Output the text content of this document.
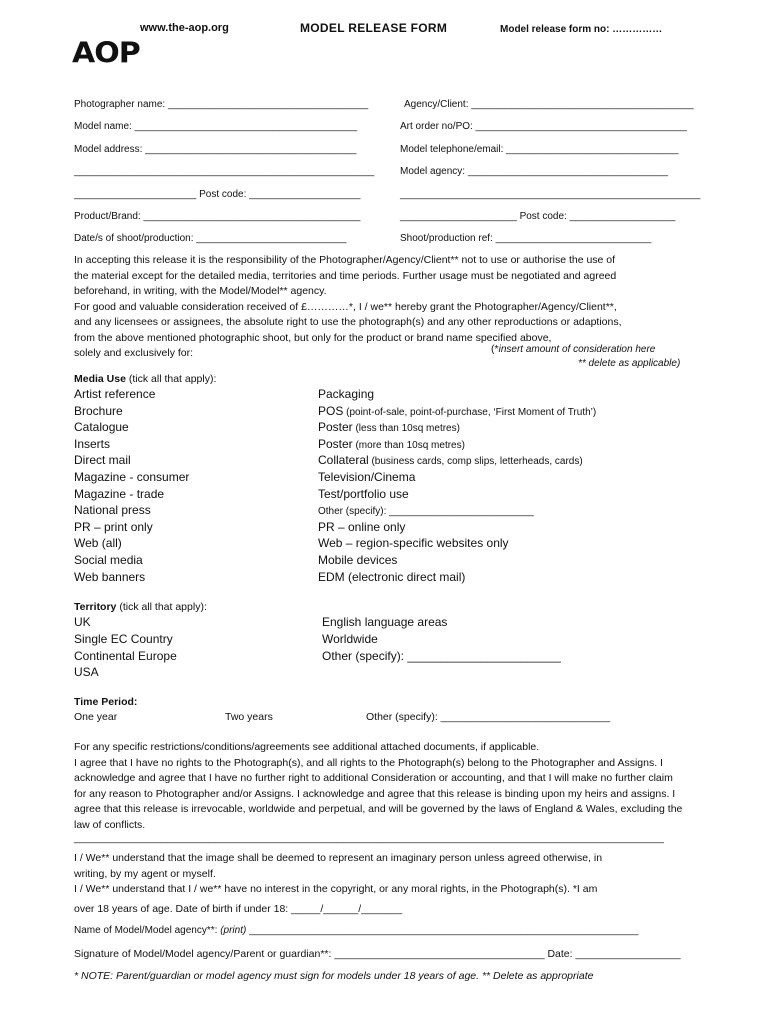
www.the-aop.org	MODEL RELEASE FORM	Model release form no: ……………
AOP
Photographer name: ____________________________________	Agency/Client: ________________________________________
Model name: ________________________________________	Art order no/PO: ______________________________________
Model address: ______________________________________	Model telephone/email: _______________________________
______________________________________________________	Model agency: ____________________________________
______________________ Post code: ____________________	______________________________________________________
Product/Brand: _______________________________________	_____________________ Post code: ___________________
Date/s of shoot/production: ___________________________	Shoot/production ref: ____________________________
In accepting this release it is the responsibility of the Photographer/Agency/Client** not to use or authorise the use of
the material except for the detailed media, territories and time periods. Further usage must be negotiated and agreed
beforehand, in writing, with the Model/Model** agency.
For good and valuable consideration received of £…………*, I / we** hereby grant the Photographer/Agency/Client**,
and any licensees or assignees, the absolute right to use the photograph(s) and any other reproductions or adaptions,
from the above mentioned photographic shoot, but only for the product or brand name specified above,
solely and exclusively for:	(*insert amount of consideration here
** delete as applicable)
Media Use (tick all that apply):
Artist reference
Brochure
Catalogue
Inserts
Direct mail
Magazine - consumer
Magazine - trade
National press
PR – print only
Web (all)
Social media
Web banners
Packaging
POS (point-of-sale, point-of-purchase, ‘First Moment of Truth’)
Poster (less than 10sq metres)
Poster (more than 10sq metres)
Collateral (business cards, comp slips, letterheads, cards)
Television/Cinema
Test/portfolio use
Other (specify): __________________________
PR – online only
Web – region-specific websites only
Mobile devices
EDM (electronic direct mail)
Territory (tick all that apply):
UK
Single EC Country
Continental Europe
USA
English language areas
Worldwide
Other (specify): _______________________
Time Period:
One year	Two years	Other (specify): _____________________________
For any specific restrictions/conditions/agreements see additional attached documents, if applicable.
I agree that I have no rights to the Photograph(s), and all rights to the Photograph(s) belong to the Photographer and Assigns. I
acknowledge and agree that I have no further right to additional Consideration or accounting, and that I will make no further claim
for any reason to Photographer and/or Assigns. I acknowledge and agree that this release is binding upon my heirs and assigns. I
agree that this release is irrevocable, worldwide and perpetual, and will be governed by the laws of England & Wales, excluding the
law of conflicts.
_____________________________________________________________________________________________________
I / We** understand that the image shall be deemed to represent an imaginary person unless agreed otherwise, in
writing, by my agent or myself.
I / We** understand that I / we** have no interest in the copyright, or any moral rights, in the Photograph(s). *I am
over 18 years of age. Date of birth if under 18: _____/______/_______
Name of Model/Model agency**: (print) ______________________________________________________________________
Signature of Model/Model agency/Parent or guardian**: ____________________________________ Date: __________________
* NOTE: Parent/guardian or model agency must sign for models under 18 years of age. ** Delete as appropriate
